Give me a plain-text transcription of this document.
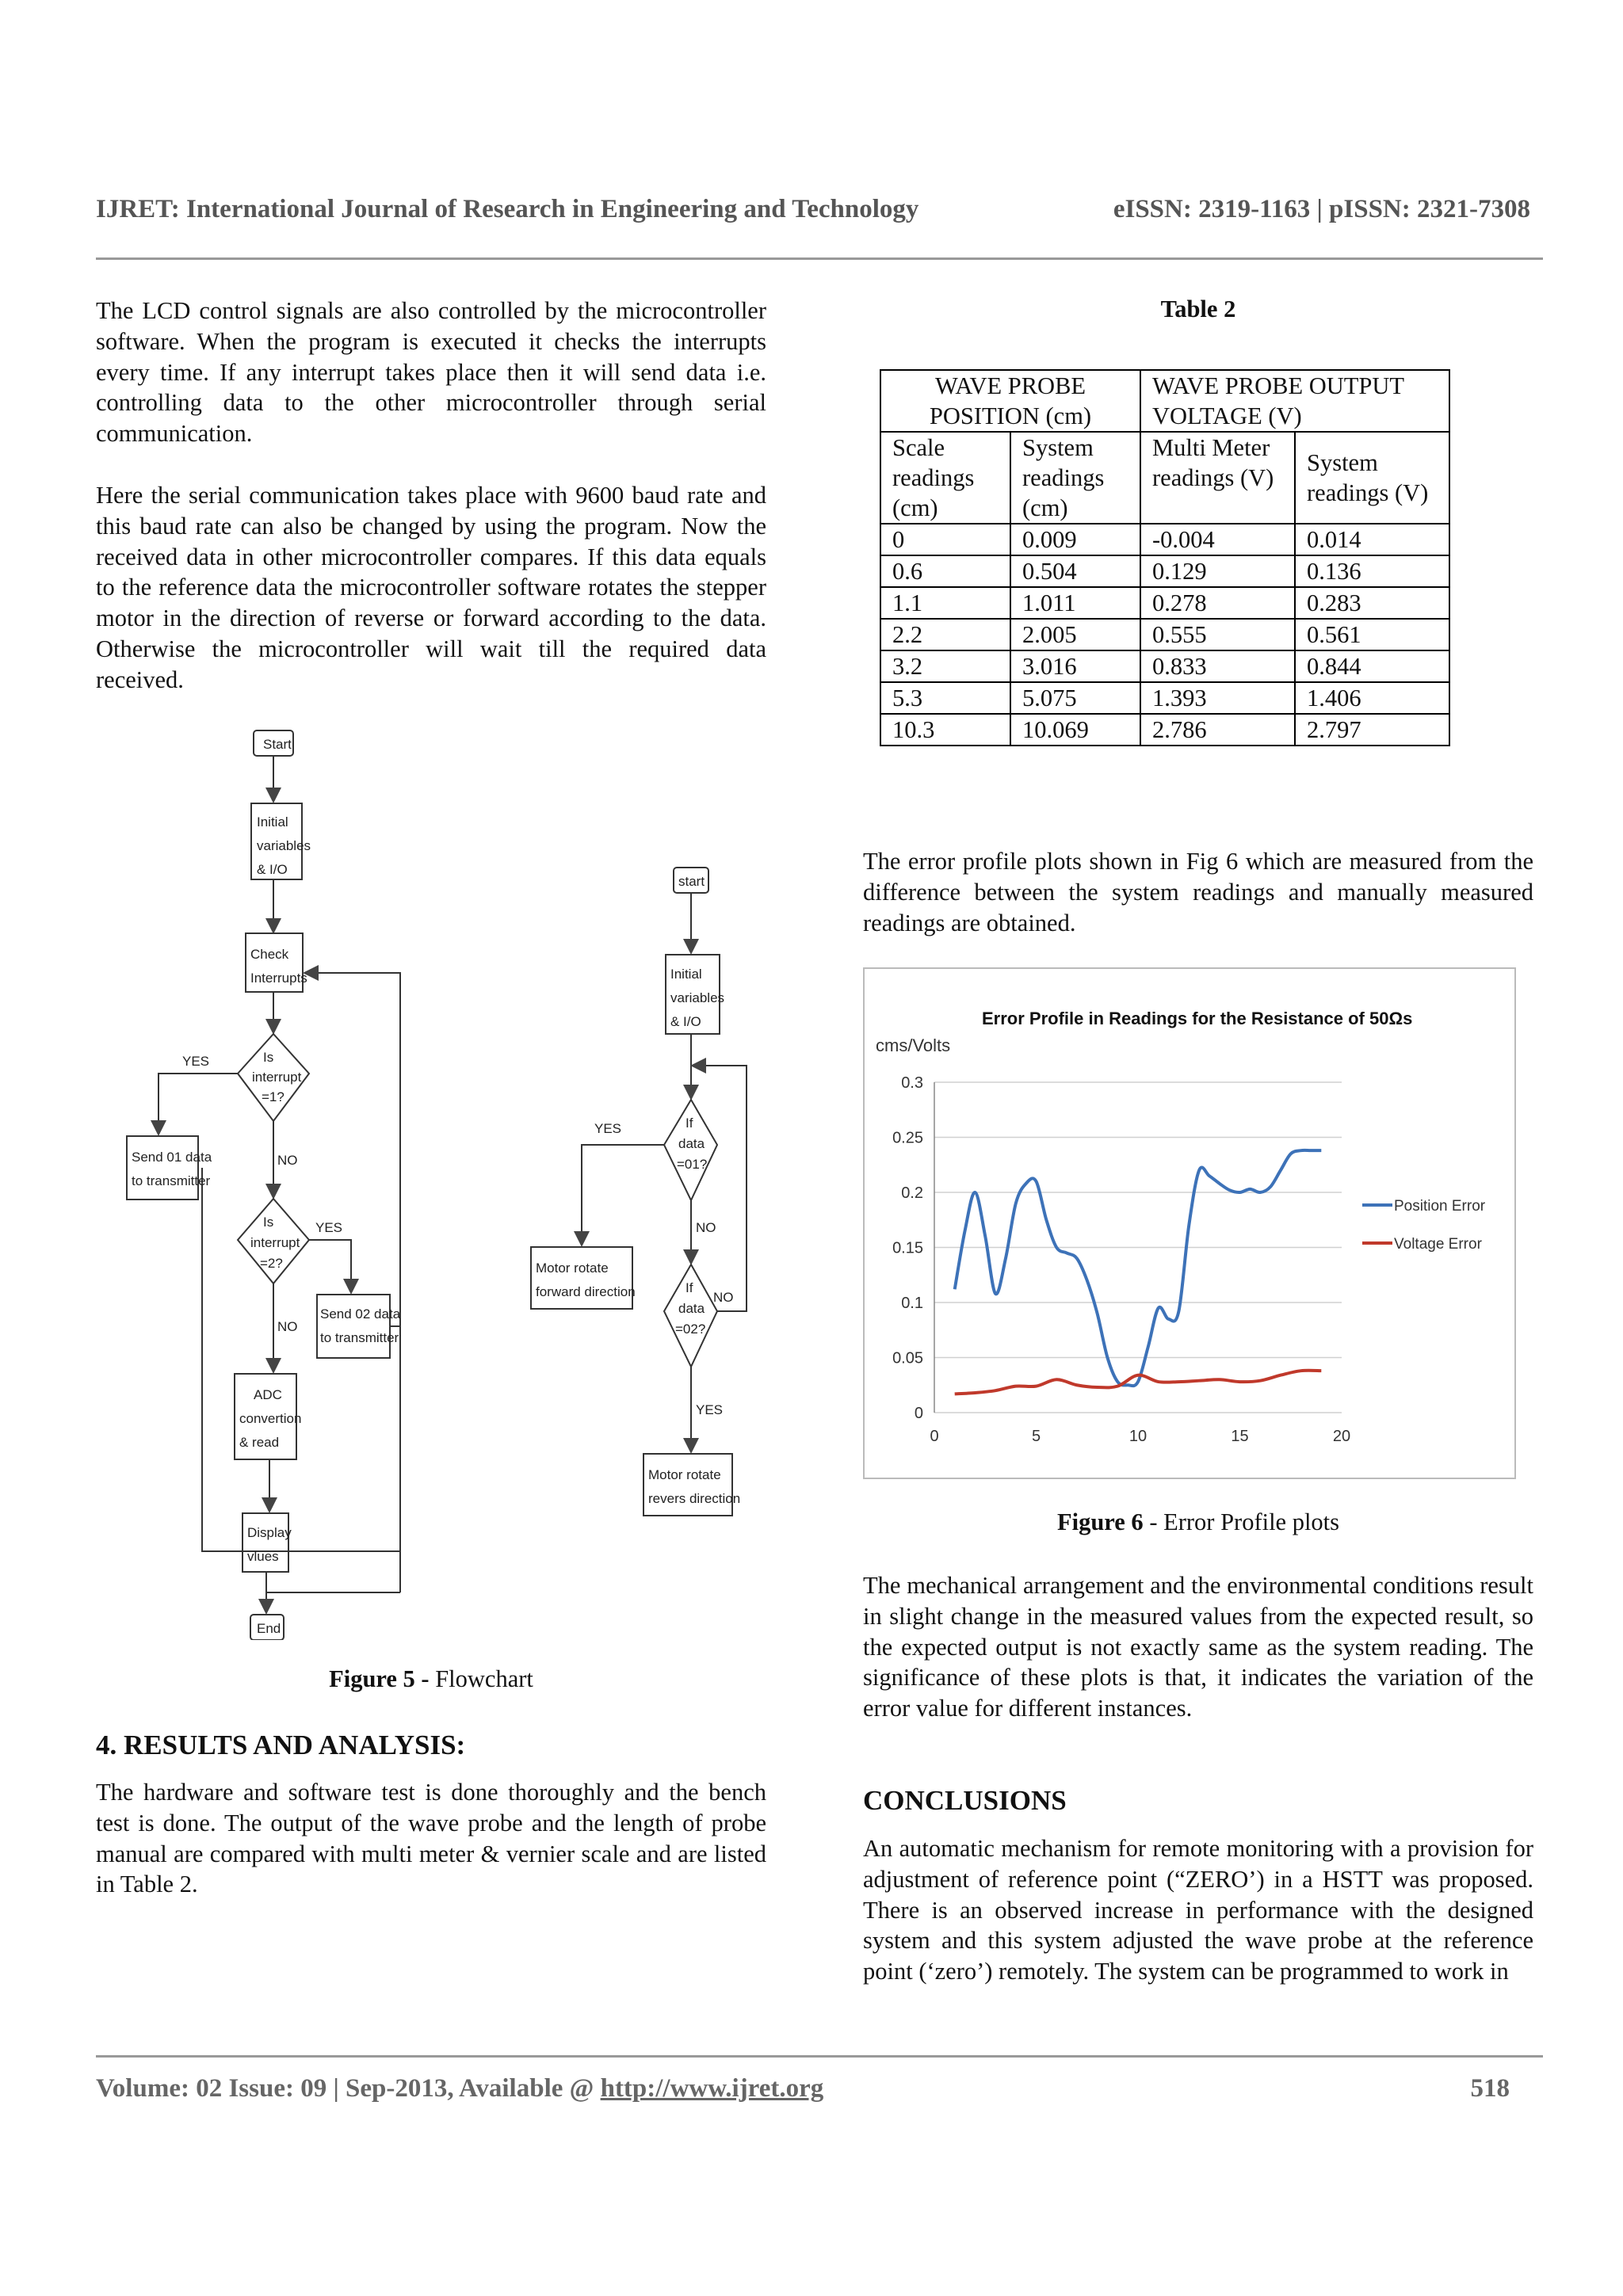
IJRET: International Journal of Research in Engineering and Technology	eISSN: 2319-1163 | pISSN: 2321-7308

The LCD control signals are also controlled by the microcontroller software. When the program is executed it checks the interrupts every time. If any interrupt takes place then it will send data i.e. controlling data to the other microcontroller through serial communication.

Here the serial communication takes place with 9600 baud rate and this baud rate can also be changed by using the program. Now the received data in other microcontroller compares. If this data equals to the reference data the microcontroller software rotates the stepper motor in the direction of reverse or forward according to the data. Otherwise the microcontroller will wait till the required data received.

Start
Initial
variables
& I/O
Check
Interrupts
Is
interrupt
=1?
YES
Send 01 data
to transmitter
NO
Is
interrupt
=2?
YES
Send 02 data
to transmitter
NO
ADC
convertion
& read
Display
vlues
End
start
Initial
variables
& I/O
If
data
=01?
YES
Motor rotate
forward direction
NO
If
data
=02?
NO
YES
Motor rotate
revers direction
Figure 5 - Flowchart
4. RESULTS AND ANALYSIS:

The hardware and software test is done thoroughly and the bench test is done. The output of the wave probe and the length of probe manual are compared with multi meter & vernier scale and are listed in Table 2.

Table 2
WAVE PROBE POSITION (cm)		WAVE PROBE OUTPUT VOLTAGE (V)	
Scale readings (cm)	System readings (cm)	Multi Meter readings (V)	System readings (V)
0	0.009	-0.004	0.014
0.6	0.504	0.129	0.136
1.1	1.011	0.278	0.283
2.2	2.005	0.555	0.561
3.2	3.016	0.833	0.844
5.3	5.075	1.393	1.406
10.3	10.069	2.786	2.797

The error profile plots shown in Fig 6 which are measured from the difference between the system readings and manually measured readings are obtained.

Error Profile in Readings for the Resistance of 50Ωs
cms/Volts
0
0.05
0.1
0.15
0.2
0.25
0.3
0	5	10	15	20
Position Error
Voltage Error
Figure 6 - Error Profile plots

The mechanical arrangement and the environmental conditions result in slight change in the measured values from the expected result, so the expected output is not exactly same as the system reading. The significance of these plots is that, it indicates the variation of the error value for different instances.

CONCLUSIONS

An automatic mechanism for remote monitoring with a provision for adjustment of reference point (“ZERO’) in a HSTT was proposed. There is an observed increase in performance with the designed system and this system adjusted the wave probe at the reference point (‘zero’) remotely. The system can be programmed to work in

Volume: 02 Issue: 09 | Sep-2013, Available @ http://www.ijret.org	518
